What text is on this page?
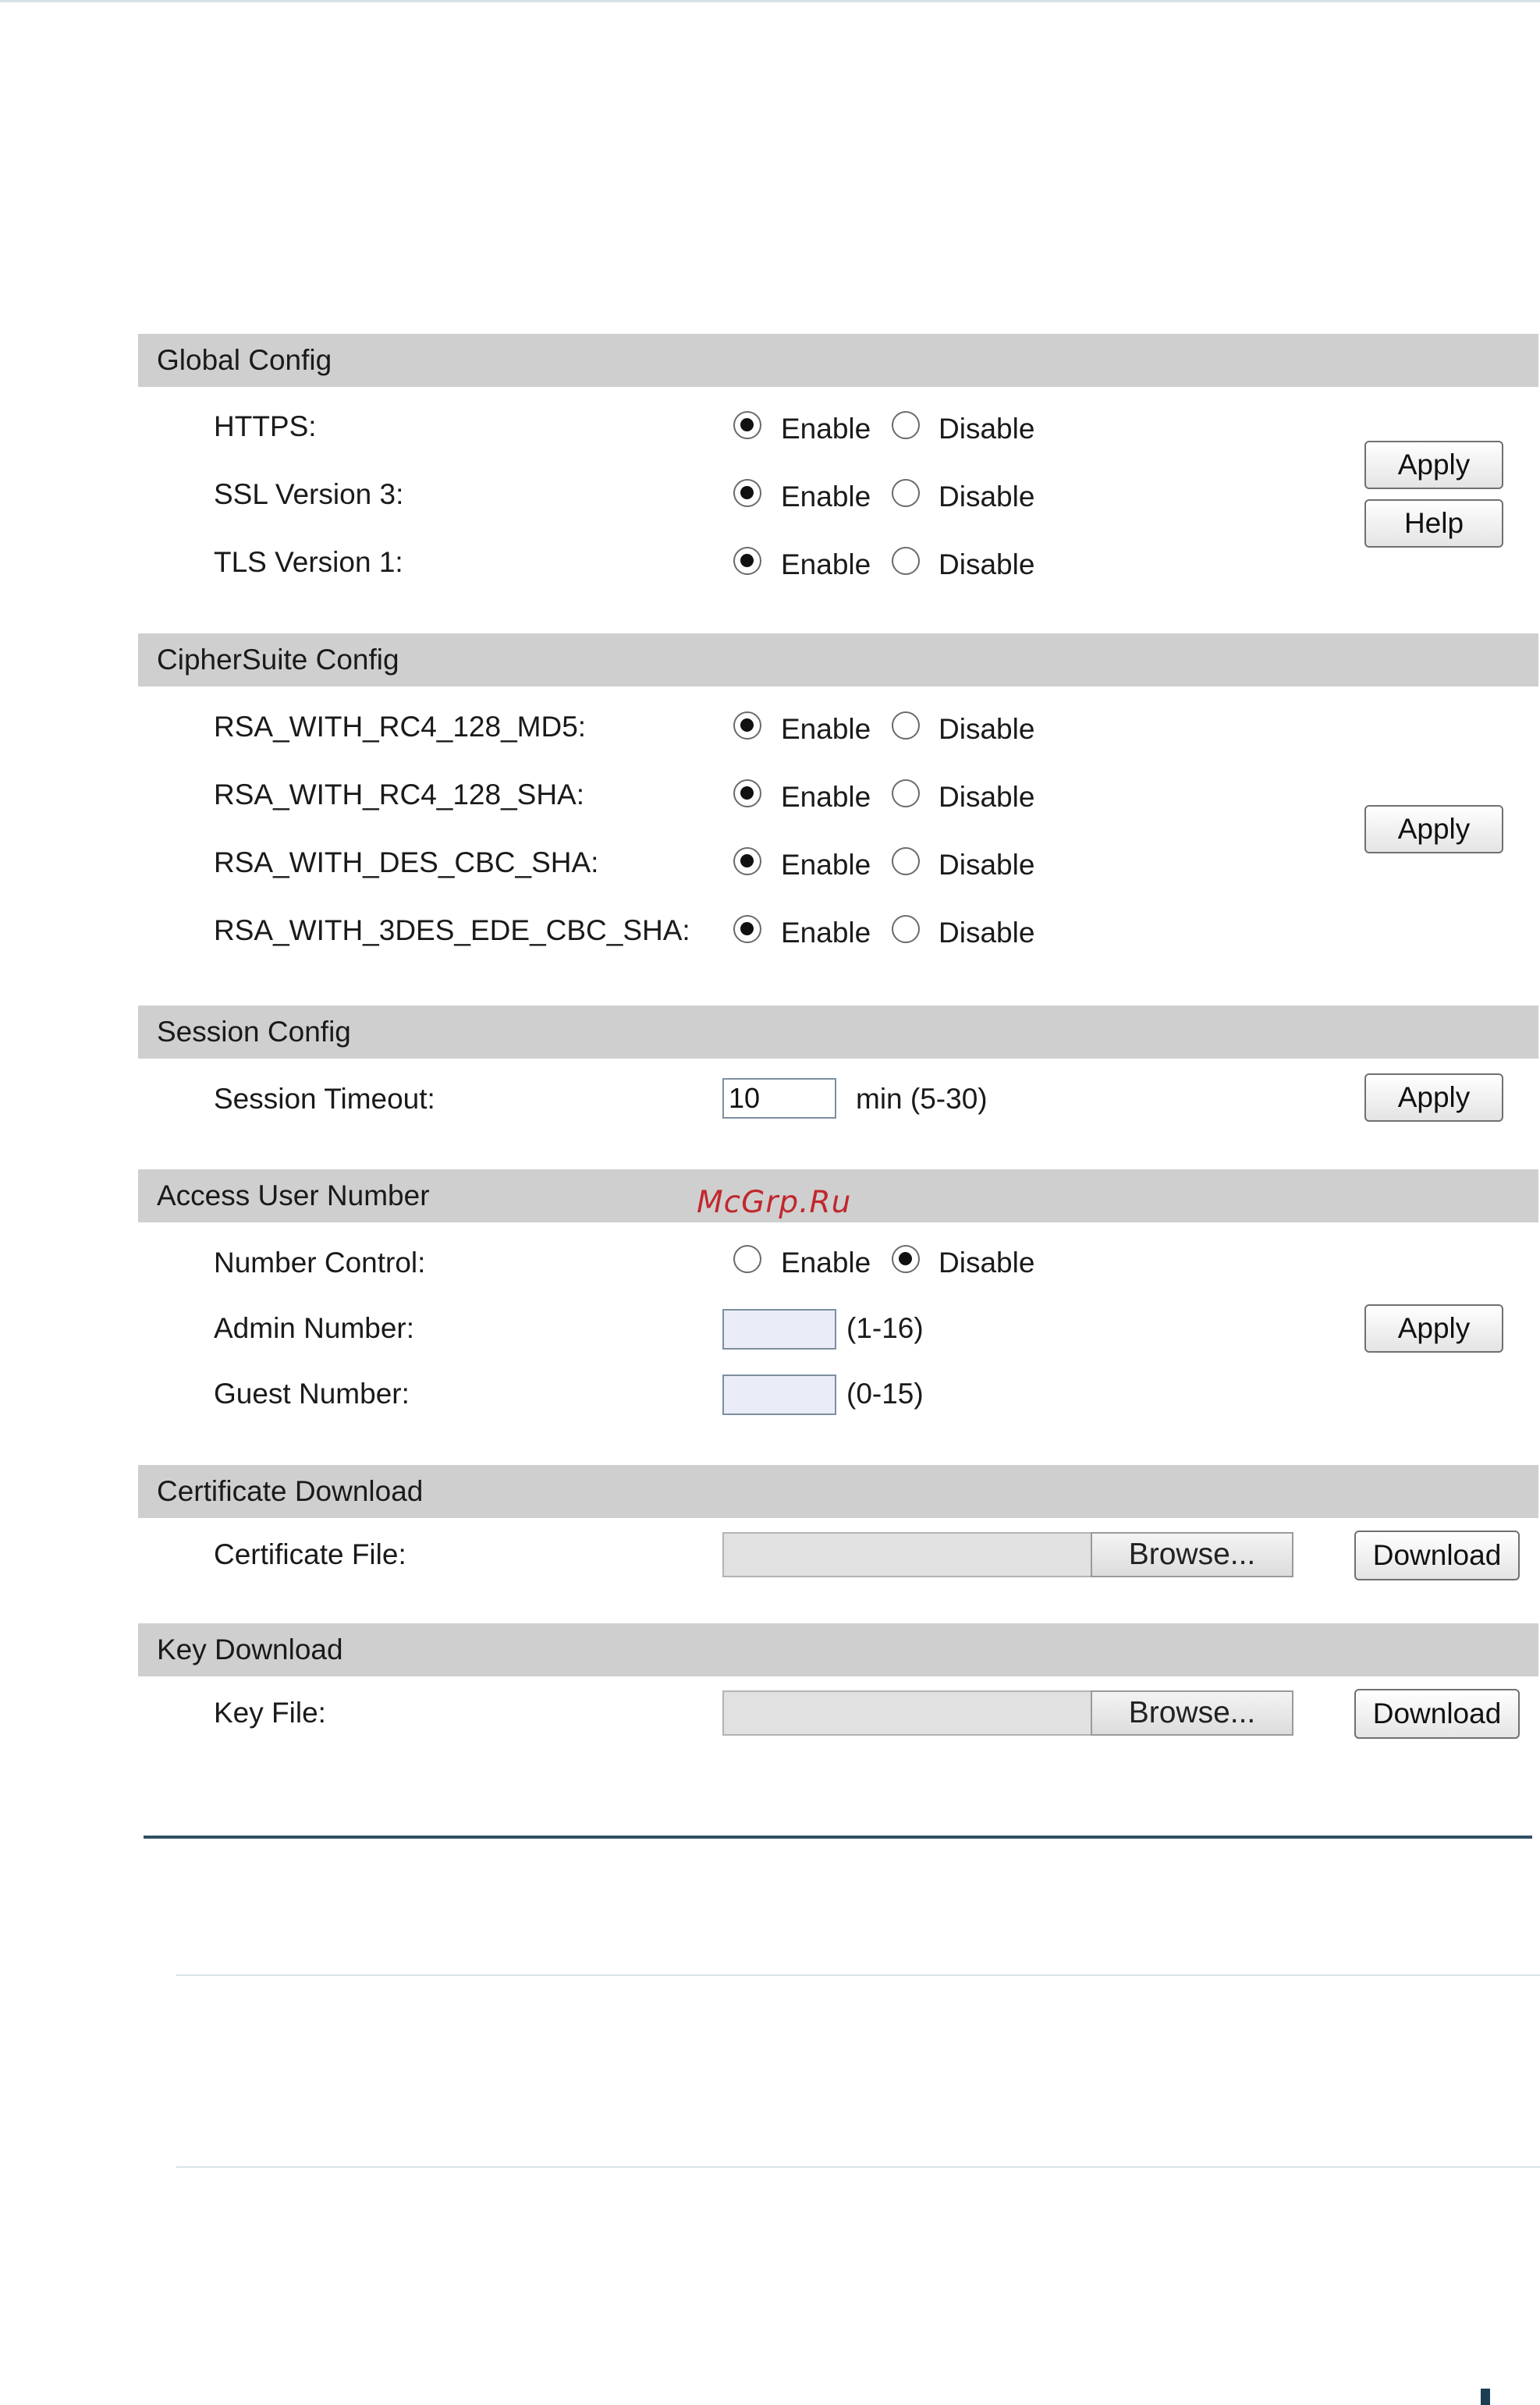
Global Config
HTTPS:	Enable Disable
SSL Version 3:	Enable Disable
TLS Version 1:	Enable Disable
Apply
Help
CipherSuite Config
RSA_WITH_RC4_128_MD5:	Enable Disable
RSA_WITH_RC4_128_SHA:	Enable Disable
RSA_WITH_DES_CBC_SHA:	Enable Disable
RSA_WITH_3DES_EDE_CBC_SHA:	Enable Disable
Apply
Session Config
Session Timeout:
10	min (5-30)	Apply
Access User Number	McGrp.Ru
Number Control:	Enable Disable
Admin Number:	(1-16)
Guest Number:	(0-15)
Apply
Certificate Download
Certificate File:	Browse...	Download
Key Download
Key File:	Browse...	Download
